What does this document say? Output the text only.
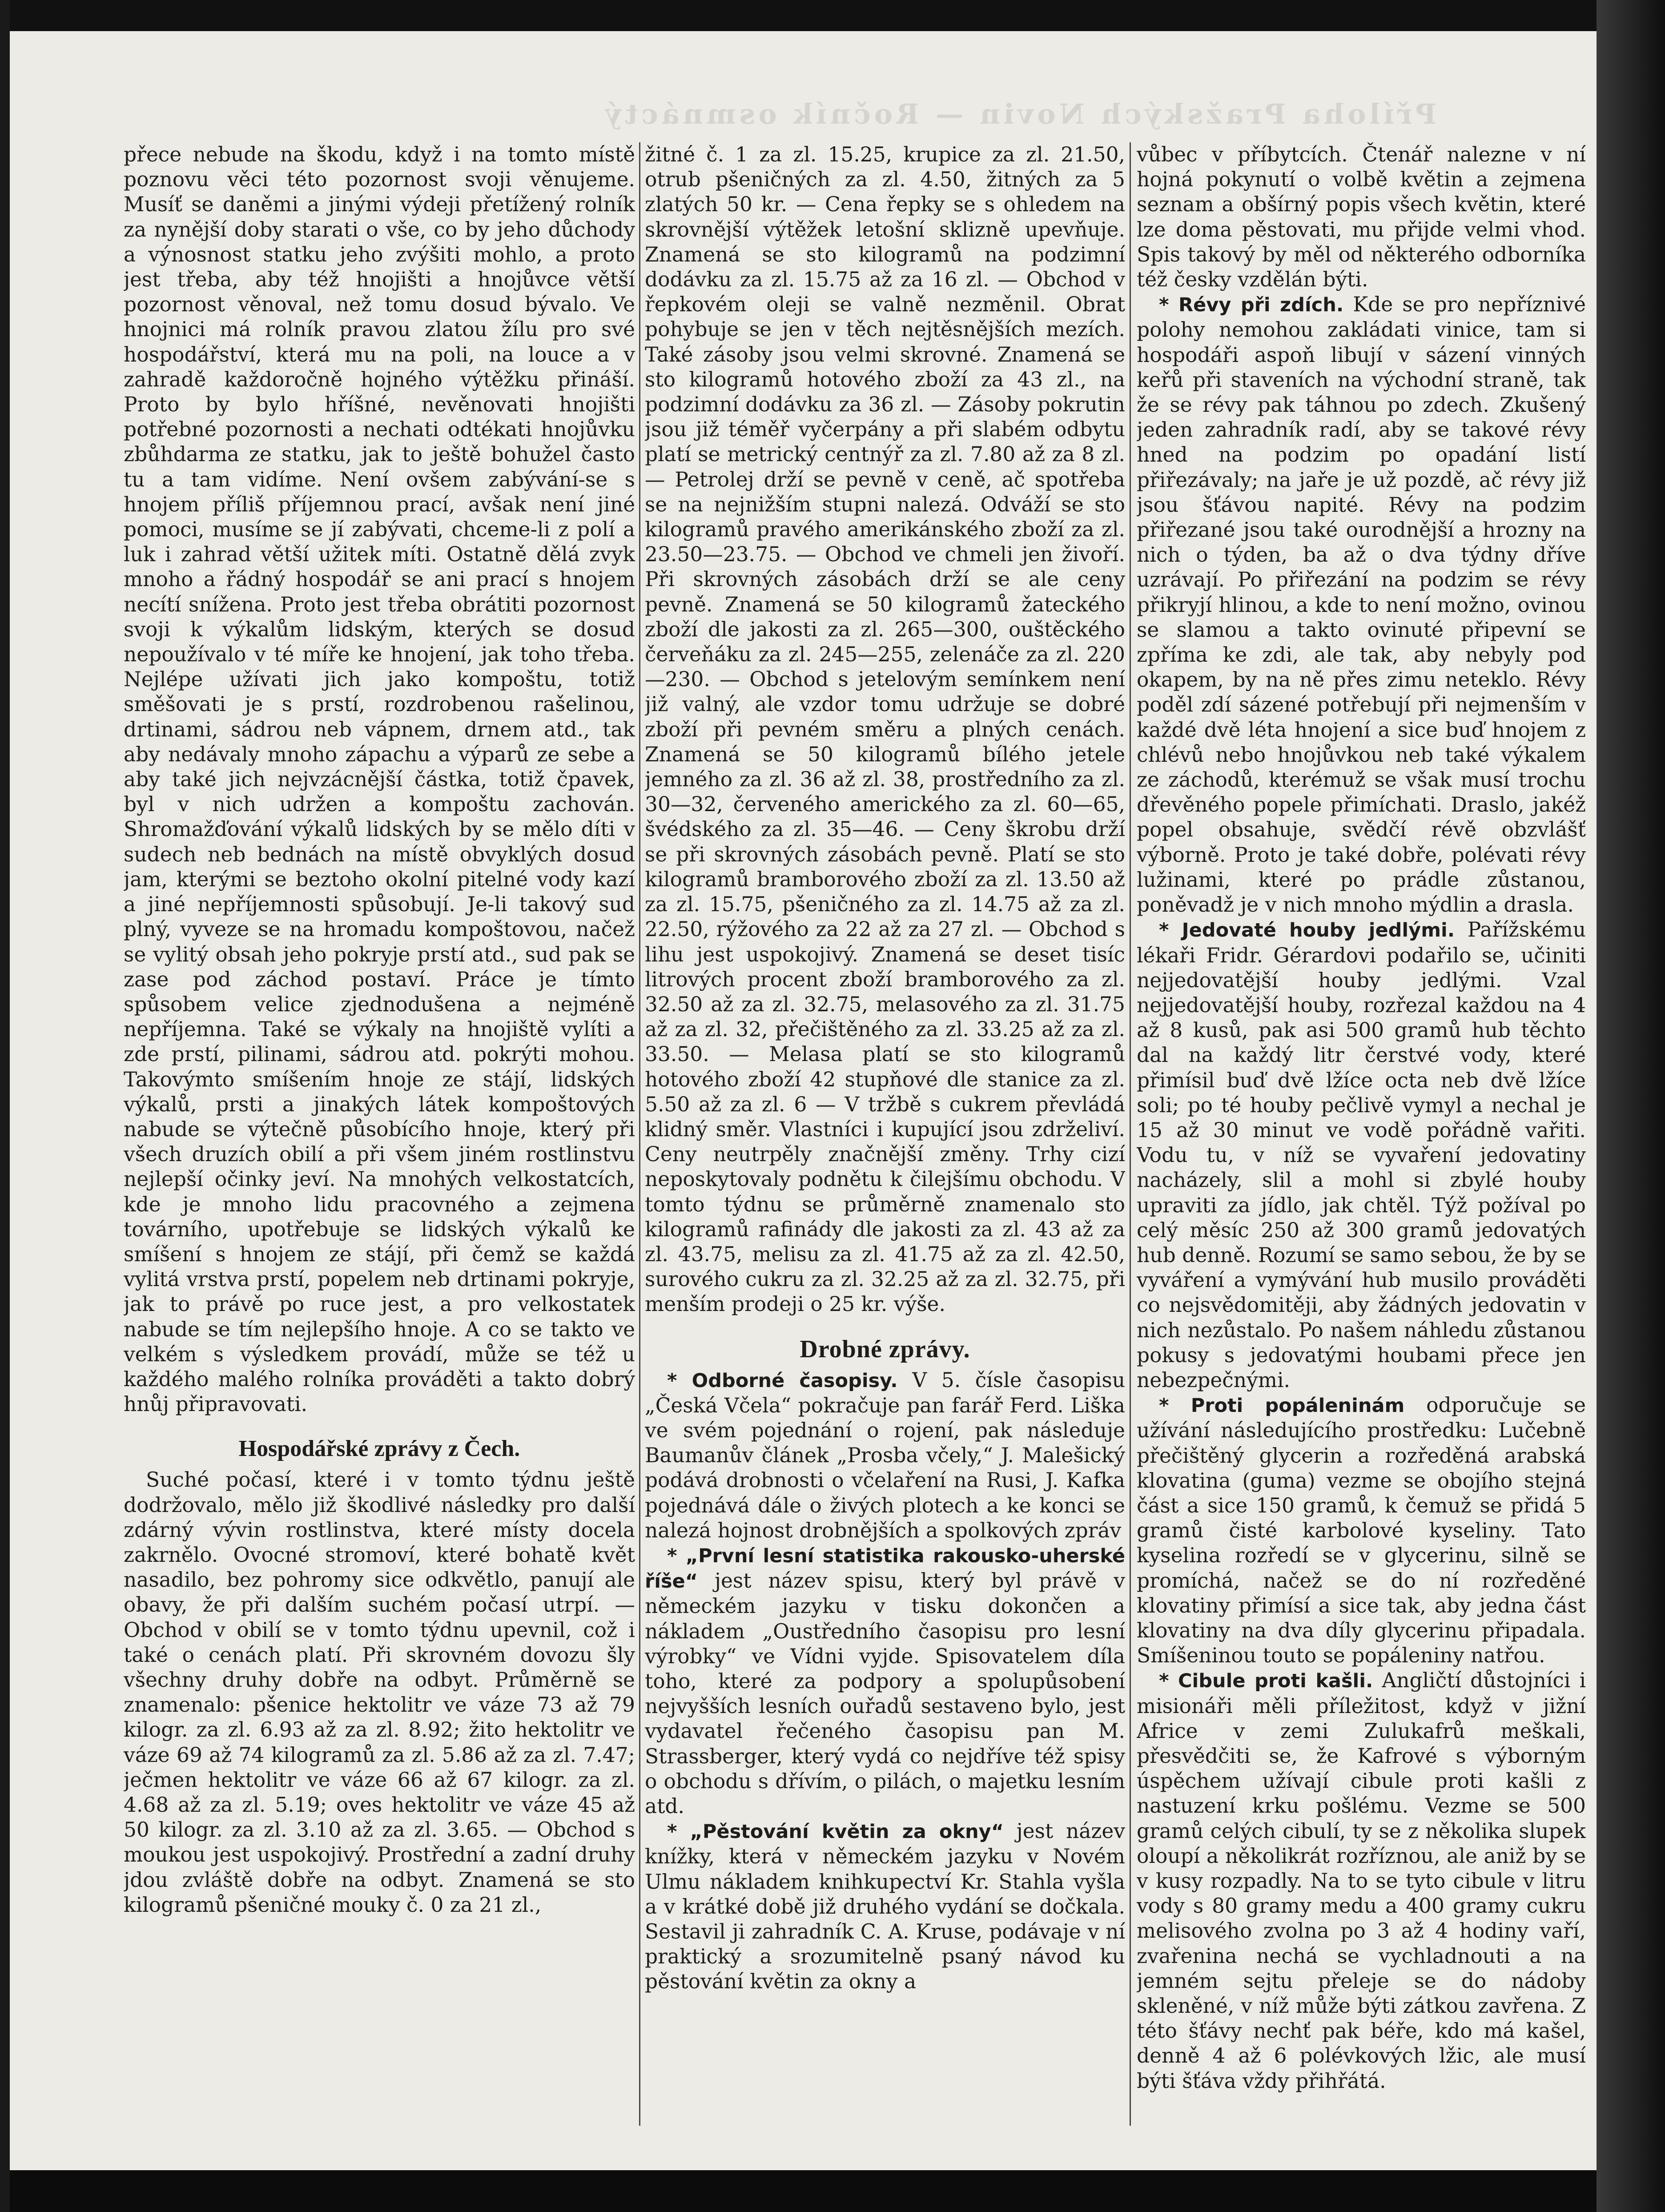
Příloha Pražských Novin — Ročník osmnáctý

přece nebude na škodu, když i na tomto místě poznovu věci této pozornost svoji věnujeme. Musíť se daněmi a jinými výdeji přetížený rolník za nynější doby starati o vše, co by jeho důchody a výnosnost statku jeho zvýšiti mohlo, a proto jest třeba, aby též hnojišti a hnojůvce větší pozornost věnoval, než tomu dosud bývalo. Ve hnojnici má rolník pravou zlatou žílu pro své hospodářství, která mu na poli, na louce a v zahradě každoročně hojného výtěžku přináší. Proto by bylo hříšné, nevěnovati hnojišti potřebné pozornosti a nechati odtékati hnojůvku zbůhdarma ze statku, jak to ještě bohužel často tu a tam vidíme. Není ovšem zabývání-se s hnojem příliš příjemnou prací, avšak není jiné pomoci, musíme se jí zabývati, chceme-li z polí a luk i zahrad větší užitek míti. Ostatně dělá zvyk mnoho a řádný hospodář se ani prací s hnojem necítí snížena. Proto jest třeba obrátiti pozornost svoji k výkalům lidským, kterých se dosud nepoužívalo v té míře ke hnojení, jak toho třeba. Nejlépe užívati jich jako kompoštu, totiž směšovati je s prstí, rozdrobenou rašelinou, drtinami, sádrou neb vápnem, drnem atd., tak aby nedávaly mnoho zápachu a výparů ze sebe a aby také jich nejvzácnější částka, totiž čpavek, byl v nich udržen a kompoštu zachován. Shromažďování výkalů lidských by se mělo díti v sudech neb bednách na místě obvyklých dosud jam, kterými se beztoho okolní pitelné vody kazí a jiné nepříjemnosti spůsobují. Je-li takový sud plný, vyveze se na hromadu kompoštovou, načež se vylitý obsah jeho pokryje prstí atd., sud pak se zase pod záchod postaví. Práce je tímto spůsobem velice zjednodušena a nejméně nepříjemna. Také se výkaly na hnojiště vylíti a zde prstí, pilinami, sádrou atd. pokrýti mohou. Takovýmto smíšením hnoje ze stájí, lidských výkalů, prsti a jinakých látek kompoštových nabude se výtečně působícího hnoje, který při všech druzích obilí a při všem jiném rostlinstvu nejlepší očinky jeví. Na mnohých velkostatcích, kde je mnoho lidu pracovného a zejmena továrního, upotřebuje se lidských výkalů ke smíšení s hnojem ze stájí, při čemž se každá vylitá vrstva prstí, popelem neb drtinami pokryje, jak to právě po ruce jest, a pro velkostatek nabude se tím nejlepšího hnoje. A co se takto ve velkém s výsledkem provádí, může se též u každého malého rolníka prováděti a takto dobrý hnůj připravovati.

Hospodářské zprávy z Čech.

Suché počasí, které i v tomto týdnu ještě dodržovalo, mělo již škodlivé následky pro další zdárný vývin rostlinstva, které místy docela zakrnělo. Ovocné stromoví, které bohatě květ nasadilo, bez pohromy sice odkvětlo, panují ale obavy, že při dalším suchém počasí utrpí. — Obchod v obilí se v tomto týdnu upevnil, což i také o cenách platí. Při skrovném dovozu šly všechny druhy dobře na odbyt. Průměrně se znamenalo: pšenice hektolitr ve váze 73 až 79 kilogr. za zl. 6.93 až za zl. 8.92; žito hektolitr ve váze 69 až 74 kilogramů za zl. 5.86 až za zl. 7.47; ječmen hektolitr ve váze 66 až 67 kilogr. za zl. 4.68 až za zl. 5.19; oves hektolitr ve váze 45 až 50 kilogr. za zl. 3.10 až za zl. 3.65. — Obchod s moukou jest uspokojivý. Prostřední a zadní druhy jdou zvláště dobře na odbyt. Znamená se sto kilogramů pšeničné mouky č. 0 za 21 zl.,

žitné č. 1 za zl. 15.25, krupice za zl. 21.50, otrub pšeničných za zl. 4.50, žitných za 5 zlatých 50 kr. — Cena řepky se s ohledem na skrovnější výtěžek letošní sklizně upevňuje. Znamená se sto kilogramů na podzimní dodávku za zl. 15.75 až za 16 zl. — Obchod v řepkovém oleji se valně nezměnil. Obrat pohybuje se jen v těch nejtěsnějších mezích. Také zásoby jsou velmi skrovné. Znamená se sto kilogramů hotového zboží za 43 zl., na podzimní dodávku za 36 zl. — Zásoby pokrutin jsou již téměř vyčerpány a při slabém odbytu platí se metrický centnýř za zl. 7.80 až za 8 zl. — Petrolej drží se pevně v ceně, ač spotřeba se na nejnižším stupni nalezá. Odváží se sto kilogramů pravého amerikánského zboží za zl. 23.50—23.75. — Obchod ve chmeli jen živoří. Při skrovných zásobách drží se ale ceny pevně. Znamená se 50 kilogramů žateckého zboží dle jakosti za zl. 265—300, ouštěckého červeňáku za zl. 245—255, zelenáče za zl. 220—230. — Obchod s jetelovým semínkem není již valný, ale vzdor tomu udržuje se dobré zboží při pevném směru a plných cenách. Znamená se 50 kilogramů bílého jetele jemného za zl. 36 až zl. 38, prostředního za zl. 30—32, červeného amerického za zl. 60—65, švédského za zl. 35—46. — Ceny škrobu drží se při skrovných zásobách pevně. Platí se sto kilogramů bramborového zboží za zl. 13.50 až za zl. 15.75, pšeničného za zl. 14.75 až za zl. 22.50, rýžového za 22 až za 27 zl. — Obchod s lihu jest uspokojivý. Znamená se deset tisíc litrových procent zboží bramborového za zl. 32.50 až za zl. 32.75, melasového za zl. 31.75 až za zl. 32, přečištěného za zl. 33.25 až za zl. 33.50. — Melasa platí se sto kilogramů hotového zboží 42 stupňové dle stanice za zl. 5.50 až za zl. 6 — V tržbě s cukrem převládá klidný směr. Vlastníci i kupující jsou zdrželiví. Ceny neutrpěly značnější změny. Trhy cizí neposkytovaly podnětu k čilejšímu obchodu. V tomto týdnu se průměrně znamenalo sto kilogramů rafinády dle jakosti za zl. 43 až za zl. 43.75, melisu za zl. 41.75 až za zl. 42.50, surového cukru za zl. 32.25 až za zl. 32.75, při menším prodeji o 25 kr. výše.

Drobné zprávy.

* Odborné časopisy. V 5. čísle časopisu „Česká Včela“ pokračuje pan farář Ferd. Liška ve svém pojednání o rojení, pak následuje Baumanův článek „Prosba včely,“ J. Malešický podává drobnosti o včelaření na Rusi, J. Kafka pojednává dále o živých plotech a ke konci se nalezá hojnost drobnějších a spolkových zpráv

* „První lesní statistika rakousko-uherské říše“ jest název spisu, který byl právě v německém jazyku v tisku dokončen a nákladem „Oustředního časopisu pro lesní výrobky“ ve Vídni vyjde. Spisovatelem díla toho, které za podpory a spolupůsobení nejvyšších lesních ouřadů sestaveno bylo, jest vydavatel řečeného časopisu pan M. Strassberger, který vydá co nejdříve též spisy o obchodu s dřívím, o pilách, o majetku lesním atd.

* „Pěstování květin za okny“ jest název knížky, která v německém jazyku v Novém Ulmu nákladem knihkupectví Kr. Stahla vyšla a v krátké době již druhého vydání se dočkala. Sestavil ji zahradník C. A. Kruse, podávaje v ní praktický a srozumitelně psaný návod ku pěstování květin za okny a

vůbec v příbytcích. Čtenář nalezne v ní hojná pokynutí o volbě květin a zejmena seznam a obšírný popis všech květin, které lze doma pěstovati, mu přijde velmi vhod. Spis takový by měl od některého odborníka též česky vzdělán býti.

* Révy při zdích. Kde se pro nepříznivé polohy nemohou zakládati vinice, tam si hospodáři aspoň libují v sázení vinných keřů při staveních na východní straně, tak že se révy pak táhnou po zdech. Zkušený jeden zahradník radí, aby se takové révy hned na podzim po opadání listí přiřezávaly; na jaře je už pozdě, ač révy již jsou šťávou napité. Révy na podzim přiřezané jsou také ourodnější a hrozny na nich o týden, ba až o dva týdny dříve uzrávají. Po přiřezání na podzim se révy přikryjí hlinou, a kde to není možno, ovinou se slamou a takto ovinuté připevní se zpříma ke zdi, ale tak, aby nebyly pod okapem, by na ně přes zimu neteklo. Révy poděl zdí sázené potřebují při nejmenším v každé dvě léta hnojení a sice buď hnojem z chlévů nebo hnojůvkou neb také výkalem ze záchodů, kterémuž se však musí trochu dřevěného popele přimíchati. Draslo, jakéž popel obsahuje, svědčí révě obzvlášť výborně. Proto je také dobře, polévati révy lužinami, které po prádle zůstanou, poněvadž je v nich mnoho mýdlin a drasla.

* Jedovaté houby jedlými. Pařížskému lékaři Fridr. Gérardovi podařilo se, učiniti nejjedovatější houby jedlými. Vzal nejjedovatější houby, rozřezal každou na 4 až 8 kusů, pak asi 500 gramů hub těchto dal na každý litr čerstvé vody, které přimísil buď dvě lžíce octa neb dvě lžíce soli; po té houby pečlivě vymyl a nechal je 15 až 30 minut ve vodě pořádně vařiti. Vodu tu, v níž se vyvaření jedovatiny nacházely, slil a mohl si zbylé houby upraviti za jídlo, jak chtěl. Týž požíval po celý měsíc 250 až 300 gramů jedovatých hub denně. Rozumí se samo sebou, že by se vyváření a vymývání hub musilo prováděti co nejsvědomitěji, aby žádných jedovatin v nich nezůstalo. Po našem náhledu zůstanou pokusy s jedovatými houbami přece jen nebezpečnými.

* Proti popáleninám odporučuje se užívání následujícího prostředku: Lučebně přečištěný glycerin a rozředěná arabská klovatina (guma) vezme se obojího stejná část a sice 150 gramů, k čemuž se přidá 5 gramů čisté karbolové kyseliny. Tato kyselina rozředí se v glycerinu, silně se promíchá, načež se do ní rozředěné klovatiny přimísí a sice tak, aby jedna část klovatiny na dva díly glycerinu připadala. Smíšeninou touto se popáleniny natřou.

* Cibule proti kašli. Angličtí důstojníci i misionáři měli příležitost, když v jižní Africe v zemi Zulukafrů meškali, přesvědčiti se, že Kafrové s výborným úspěchem užívají cibule proti kašli z nastuzení krku pošlému. Vezme se 500 gramů celých cibulí, ty se z několika slupek oloupí a několikrát rozříznou, ale aniž by se v kusy rozpadly. Na to se tyto cibule v litru vody s 80 gramy medu a 400 gramy cukru melisového zvolna po 3 až 4 hodiny vaří, zvařenina nechá se vychladnouti a na jemném sejtu přeleje se do nádoby skleněné, v níž může býti zátkou zavřena. Z této šťávy nechť pak béře, kdo má kašel, denně 4 až 6 polévkových lžic, ale musí býti šťáva vždy přihřátá.
